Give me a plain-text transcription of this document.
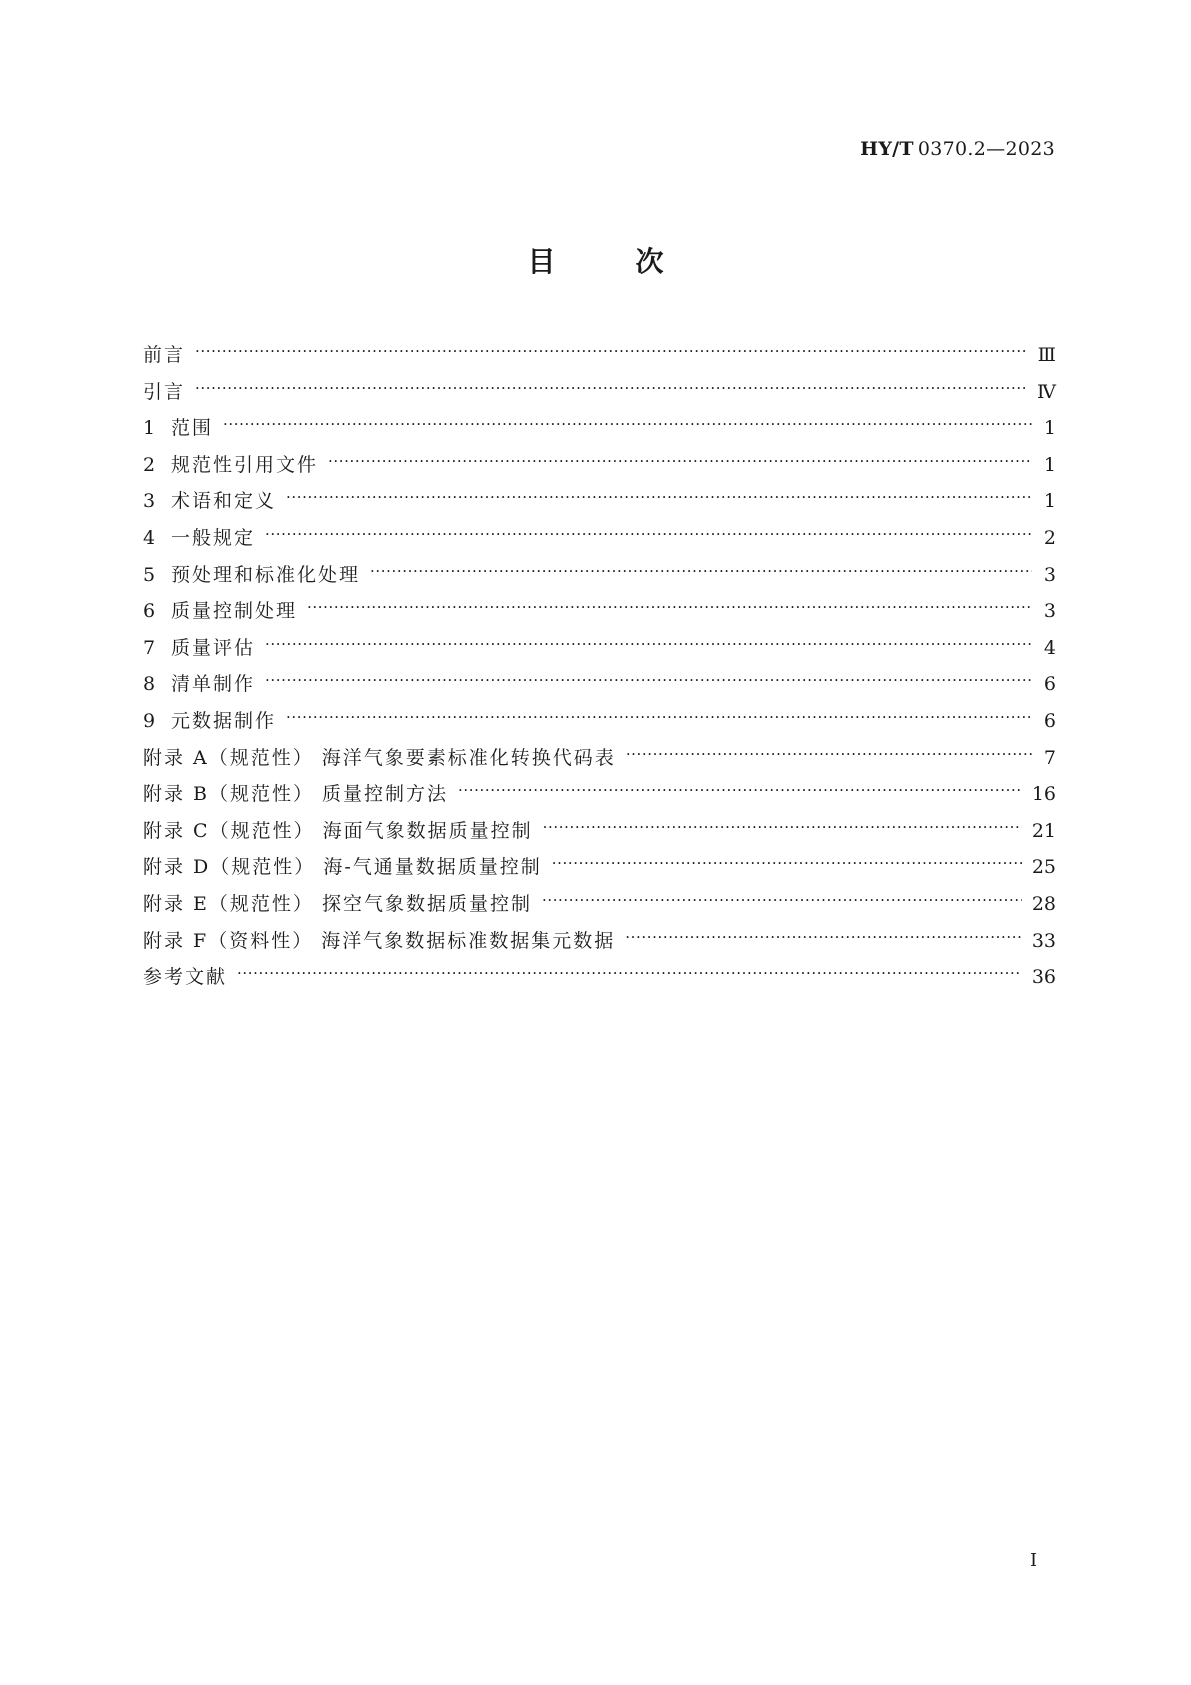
HY/T 0370.2—2023
目	次
前言 ·····	Ⅲ
引言 ·····	Ⅳ
1 范围 ·····	1
2 规范性引用文件 ·····	1
3 术语和定义 ·····	1
4 一般规定 ·····	2
5 预处理和标准化处理 ·····	3
6 质量控制处理 ·····	3
7 质量评估 ·····	4
8 清单制作 ·····	6
9 元数据制作 ·····	6
附录 A（规范性） 海洋气象要素标准化转换代码表 ·····	7
附录 B（规范性） 质量控制方法 ·····	16
附录 C（规范性） 海面气象数据质量控制 ·····	21
附录 D（规范性） 海-气通量数据质量控制 ·····	25
附录 E（规范性） 探空气象数据质量控制 ·····	28
附录 F（资料性） 海洋气象数据标准数据集元数据 ·····	33
参考文献 ·····	36
I
